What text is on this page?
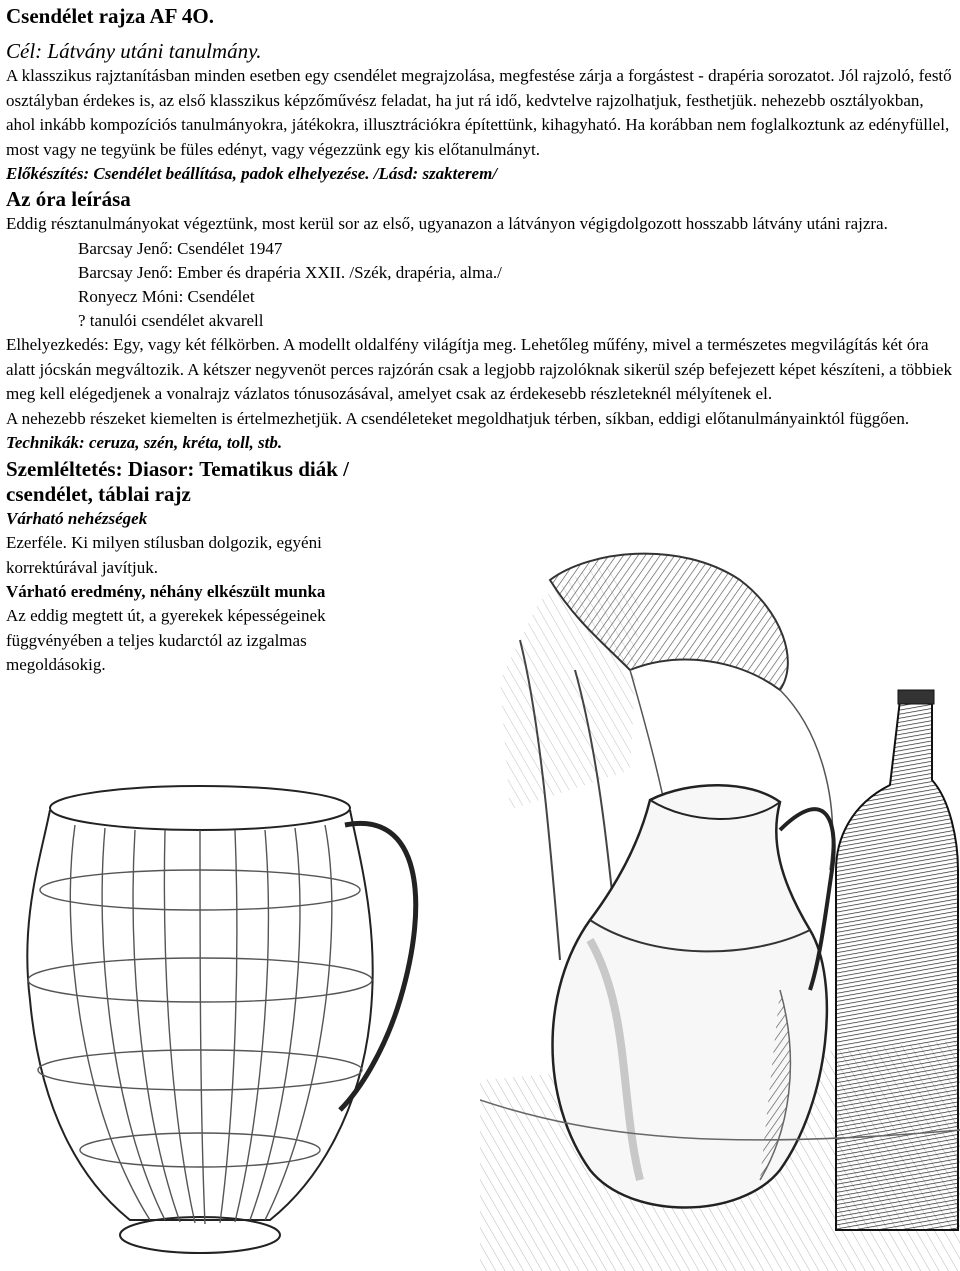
Csendélet rajza AF 4O.
Cél: Látvány utáni tanulmány.
A klasszikus rajztanításban minden esetben egy csendélet megrajzolása, megfestése zárja a forgástest - drapéria sorozatot. Jól rajzoló, festő osztályban érdekes is, az első klasszikus képzőművész feladat, ha jut rá idő, kedvtelve rajzolhatjuk, festhetjük. nehezebb osztályokban, ahol inkább kompozíciós tanulmányokra, játékokra, illusztrációkra építettünk, kihagyható. Ha korábban nem foglalkoztunk az edényfüllel, most vagy ne tegyünk be füles edényt, vagy végezzünk egy kis előtanulmányt.
Előkészítés: Csendélet beállítása, padok elhelyezése. /Lásd: szakterem/
Az óra leírása
Eddig résztanulmányokat végeztünk, most kerül sor az első, ugyanazon a látványon végigdolgozott hosszabb látvány utáni rajzra.
Barcsay Jenő: Csendélet 1947
Barcsay Jenő: Ember és drapéria XXII. /Szék, drapéria, alma./
Ronyecz Móni: Csendélet
? tanulói csendélet akvarell
Elhelyezkedés: Egy, vagy két félkörben. A modellt oldalfény világítja meg. Lehetőleg műfény, mivel a természetes megvilágítás két óra alatt jócskán megváltozik. A kétszer negyvenöt perces rajzórán csak a legjobb rajzolóknak sikerül szép befejezett képet készíteni, a többiek meg kell elégedjenek a vonalrajz vázlatos tónusozásával, amelyet csak az érdekesebb részleteknél mélyítenek el.
A nehezebb részeket kiemelten is értelmezhetjük. A csendéleteket megoldhatjuk térben, síkban, eddigi előtanulmányainktól függően.
Technikák: ceruza, szén, kréta, toll, stb.
Szemléltetés: Diasor: Tematikus diák / csendélet, táblai rajz
Várható nehézségek
Ezerféle. Ki milyen stílusban dolgozik, egyéni korrektúrával javítjuk.
Várható eredmény, néhány elkészült munka
Az eddig megtett út, a gyerekek képességeinek függvényében a teljes kudarctól az izgalmas megoldásokig.
